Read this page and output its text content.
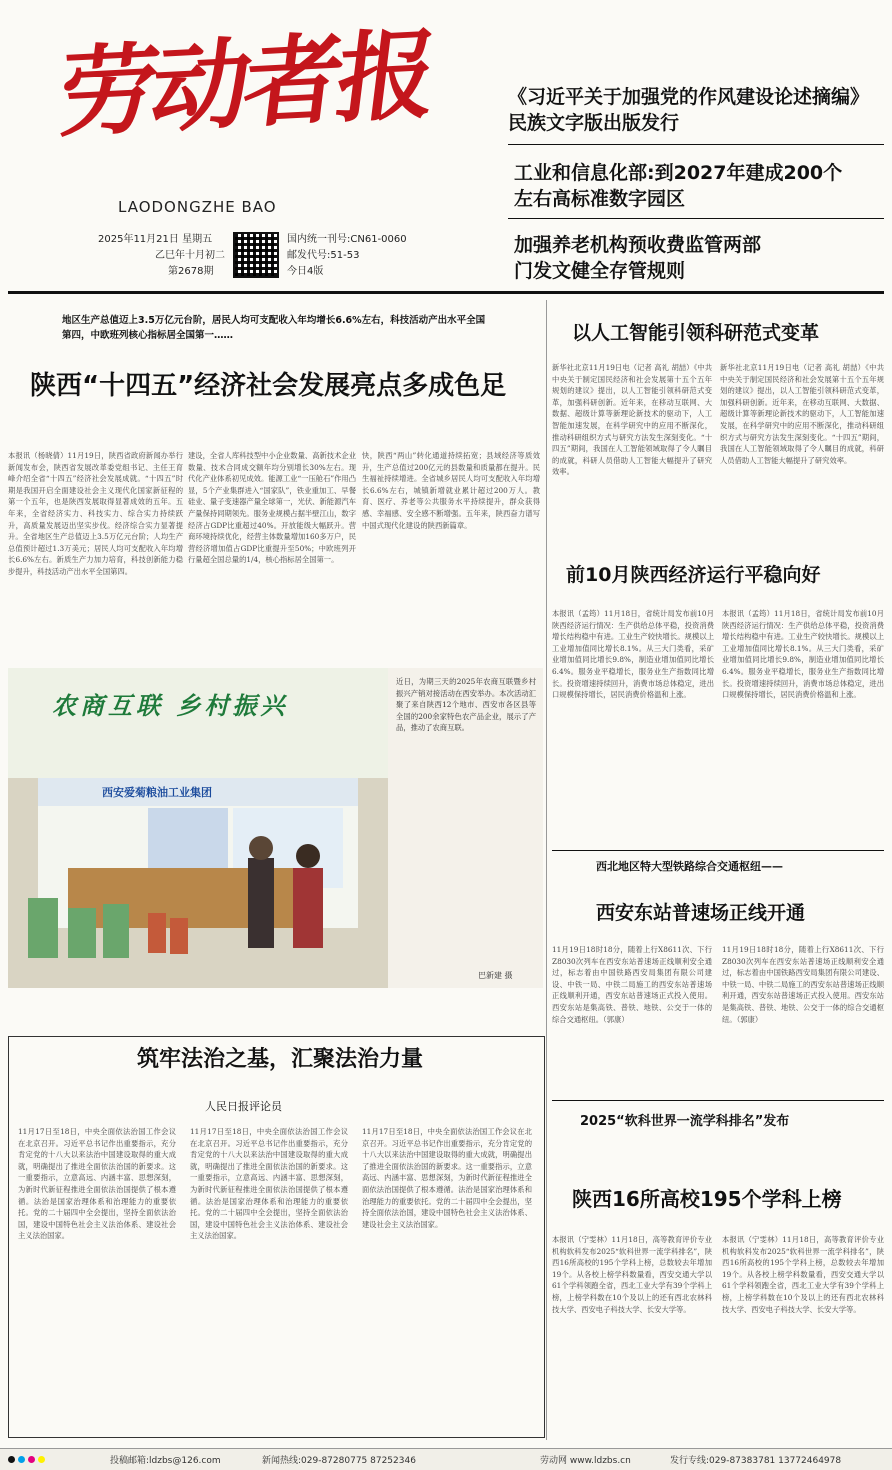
劳动者报
LAODONGZHE BAO
2025年11月21日 星期五
乙巳年十月初二
第2678期
国内统一刊号:CN61-0060
邮发代号:51-53
今日4版
《习近平关于加强党的作风建设论述摘编》民族文字版出版发行
工业和信息化部:到2027年建成200个左右高标准数字园区
加强养老机构预收费监管两部门发文健全存管规则
地区生产总值迈上3.5万亿元台阶，居民人均可支配收入年均增长6.6%左右，科技活动产出水平全国第四，中欧班列核心指标居全国第一……
陕西“十四五”经济社会发展亮点多成色足
本报讯（杨晓倩）11月19日，陕西省政府新闻办举行新闻发布会，陕西省发展改革委党组书记、主任王育峰介绍全省“十四五”经济社会发展成就。“十四五”时期是我国开启全面建设社会主义现代化国家新征程的第一个五年，也是陕西发展取得显著成效的五年。五年来，全省经济实力、科技实力、综合实力持续跃升，高质量发展迈出坚实步伐。经济综合实力显著提升。全省地区生产总值迈上3.5万亿元台阶；人均生产总值预计超过1.3万美元；居民人均可支配收入年均增长6.6%左右。新质生产力加力培育，科技创新能力稳步提升，科技活动产出水平全国第四。
建设，全省人库科技型中小企业数量、高新技术企业数量、技术合同成交额年均分别增长30%左右。现代化产业体系初见成效。能源工业“一压舱石”作用凸显，5个产业集群进入“国家队”，铁业重加工、早餐硅业、量子变速器产量全球第一，光伏、新能源汽车产量保持同期领先。服务业规模占据半壁江山，数字经济占GDP比重超过40%。开放能级大幅跃升。营商环境持续优化，经营主体数量增加160多万户，民营经济增加值占GDP比重提升至50%；中欧班列开行量超全国总量的1/4，核心指标居全国第一。
快，陕西“两山”转化通道持续拓宽；县域经济等质效升，生产总值过200亿元的县数量和质量都在提升。民生福祉持续增进。全省城乡居民人均可支配收入年均增长6.6%左右，城镇新增就业累计超过200万人。教育、医疗、养老等公共服务水平持续提升，群众获得感、幸福感、安全感不断增强。五年来，陕西奋力谱写中国式现代化建设的陕西新篇章。
农商互联 乡村振兴
西安爱菊粮油工业集团
近日，为期三天的2025年农商互联暨乡村振兴产销对接活动在西安举办。本次活动汇聚了来自陕西12个地市、西安市各区县等全国的200余家特色农产品企业，展示了产品，推动了农商互联。
巴新建 摄
筑牢法治之基，汇聚法治力量
人民日报评论员
11月17日至18日，中央全面依法治国工作会议在北京召开。习近平总书记作出重要指示，充分肯定党的十八大以来法治中国建设取得的重大成就，明确提出了推进全面依法治国的新要求。这一重要指示，立意高远、内涵丰富、思想深刻，为新时代新征程推进全面依法治国提供了根本遵循。法治是国家治理体系和治理能力的重要依托。党的二十届四中全会提出，坚持全面依法治国，建设中国特色社会主义法治体系、建设社会主义法治国家。
11月17日至18日，中央全面依法治国工作会议在北京召开。习近平总书记作出重要指示，充分肯定党的十八大以来法治中国建设取得的重大成就，明确提出了推进全面依法治国的新要求。这一重要指示，立意高远、内涵丰富、思想深刻，为新时代新征程推进全面依法治国提供了根本遵循。法治是国家治理体系和治理能力的重要依托。党的二十届四中全会提出，坚持全面依法治国，建设中国特色社会主义法治体系、建设社会主义法治国家。
11月17日至18日，中央全面依法治国工作会议在北京召开。习近平总书记作出重要指示，充分肯定党的十八大以来法治中国建设取得的重大成就，明确提出了推进全面依法治国的新要求。这一重要指示，立意高远、内涵丰富、思想深刻，为新时代新征程推进全面依法治国提供了根本遵循。法治是国家治理体系和治理能力的重要依托。党的二十届四中全会提出，坚持全面依法治国，建设中国特色社会主义法治体系、建设社会主义法治国家。
以人工智能引领科研范式变革
新华社北京11月19日电（记者 高礼 胡喆）《中共中央关于制定国民经济和社会发展第十五个五年规划的建议》提出，以人工智能引领科研范式变革，加强科研创新。近年来，在移动互联网、大数据、超级计算等新理论新技术的驱动下，人工智能加速发展，在科学研究中的应用不断深化，推动科研组织方式与研究方法发生深刻变化。“十四五”期间，我国在人工智能领域取得了令人瞩目的成就，科研人员借助人工智能大幅提升了研究效率。
新华社北京11月19日电（记者 高礼 胡喆）《中共中央关于制定国民经济和社会发展第十五个五年规划的建议》提出，以人工智能引领科研范式变革，加强科研创新。近年来，在移动互联网、大数据、超级计算等新理论新技术的驱动下，人工智能加速发展，在科学研究中的应用不断深化，推动科研组织方式与研究方法发生深刻变化。“十四五”期间，我国在人工智能领域取得了令人瞩目的成就，科研人员借助人工智能大幅提升了研究效率。
前10月陕西经济运行平稳向好
本报讯（孟筠）11月18日，省统计局发布前10月陕西经济运行情况：生产供给总体平稳，投资消费增长结构稳中有进。工业生产较快增长。规模以上工业增加值同比增长8.1%。从三大门类看，采矿业增加值同比增长9.8%，制造业增加值同比增长6.4%。服务业平稳增长，服务业生产指数同比增长。投资增速持续回升，消费市场总体稳定，进出口规模保持增长，居民消费价格温和上涨。
本报讯（孟筠）11月18日，省统计局发布前10月陕西经济运行情况：生产供给总体平稳，投资消费增长结构稳中有进。工业生产较快增长。规模以上工业增加值同比增长8.1%。从三大门类看，采矿业增加值同比增长9.8%，制造业增加值同比增长6.4%。服务业平稳增长，服务业生产指数同比增长。投资增速持续回升，消费市场总体稳定，进出口规模保持增长，居民消费价格温和上涨。
西北地区特大型铁路综合交通枢纽——
西安东站普速场正线开通
11月19日18时18分，随着上行X8611次、下行Z8030次列车在西安东站普速场正线顺利安全通过，标志着由中国铁路西安局集团有限公司建设、中铁一局、中铁二局施工的西安东站普速场正线顺利开通，西安东站普速场正式投入使用。西安东站是集高铁、普铁、地铁、公交于一体的综合交通枢纽。（郭康）
11月19日18时18分，随着上行X8611次、下行Z8030次列车在西安东站普速场正线顺利安全通过，标志着由中国铁路西安局集团有限公司建设、中铁一局、中铁二局施工的西安东站普速场正线顺利开通，西安东站普速场正式投入使用。西安东站是集高铁、普铁、地铁、公交于一体的综合交通枢纽。（郭康）
2025“软科世界一流学科排名”发布
陕西16所高校195个学科上榜
本报讯（宁雯林）11月18日，高等教育评价专业机构软科发布2025“软科世界一流学科排名”，陕西16所高校的195个学科上榜，总数较去年增加19个。从各校上榜学科数量看，西安交通大学以61个学科领跑全省，西北工业大学有39个学科上榜，上榜学科数在10个及以上的还有西北农林科技大学、西安电子科技大学、长安大学等。
本报讯（宁雯林）11月18日，高等教育评价专业机构软科发布2025“软科世界一流学科排名”，陕西16所高校的195个学科上榜，总数较去年增加19个。从各校上榜学科数量看，西安交通大学以61个学科领跑全省，西北工业大学有39个学科上榜，上榜学科数在10个及以上的还有西北农林科技大学、西安电子科技大学、长安大学等。
投稿邮箱:ldzbs@126.com	新闻热线:029-87280775 87252346	劳动网 www.ldzbs.cn	发行专线:029-87383781 13772464978
